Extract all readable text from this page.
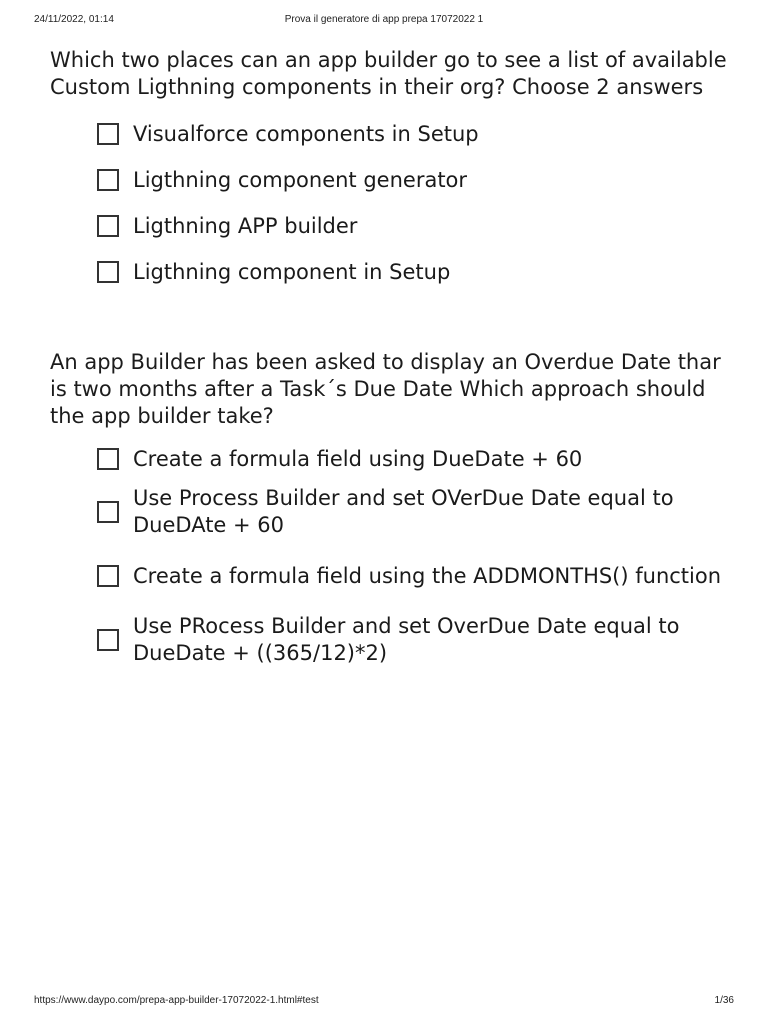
24/11/2022, 01:14	Prova il generatore di app prepa 17072022 1

Which two places can an app builder go to see a list of available Custom Ligthning components in their org? Choose 2 answers

Visualforce components in Setup
Ligthning component generator
Ligthning APP builder
Ligthning component in Setup

An app Builder has been asked to display an Overdue Date thar is two months after a Task´s Due Date Which approach should the app builder take?

Create a formula field using DueDate + 60
Use Process Builder and set OVerDue Date equal to DueDAte + 60
Create a formula field using the ADDMONTHS() function
Use PRocess Builder and set OverDue Date equal to DueDate + ((365/12)*2)
https://www.daypo.com/prepa-app-builder-17072022-1.html#test	1/36
